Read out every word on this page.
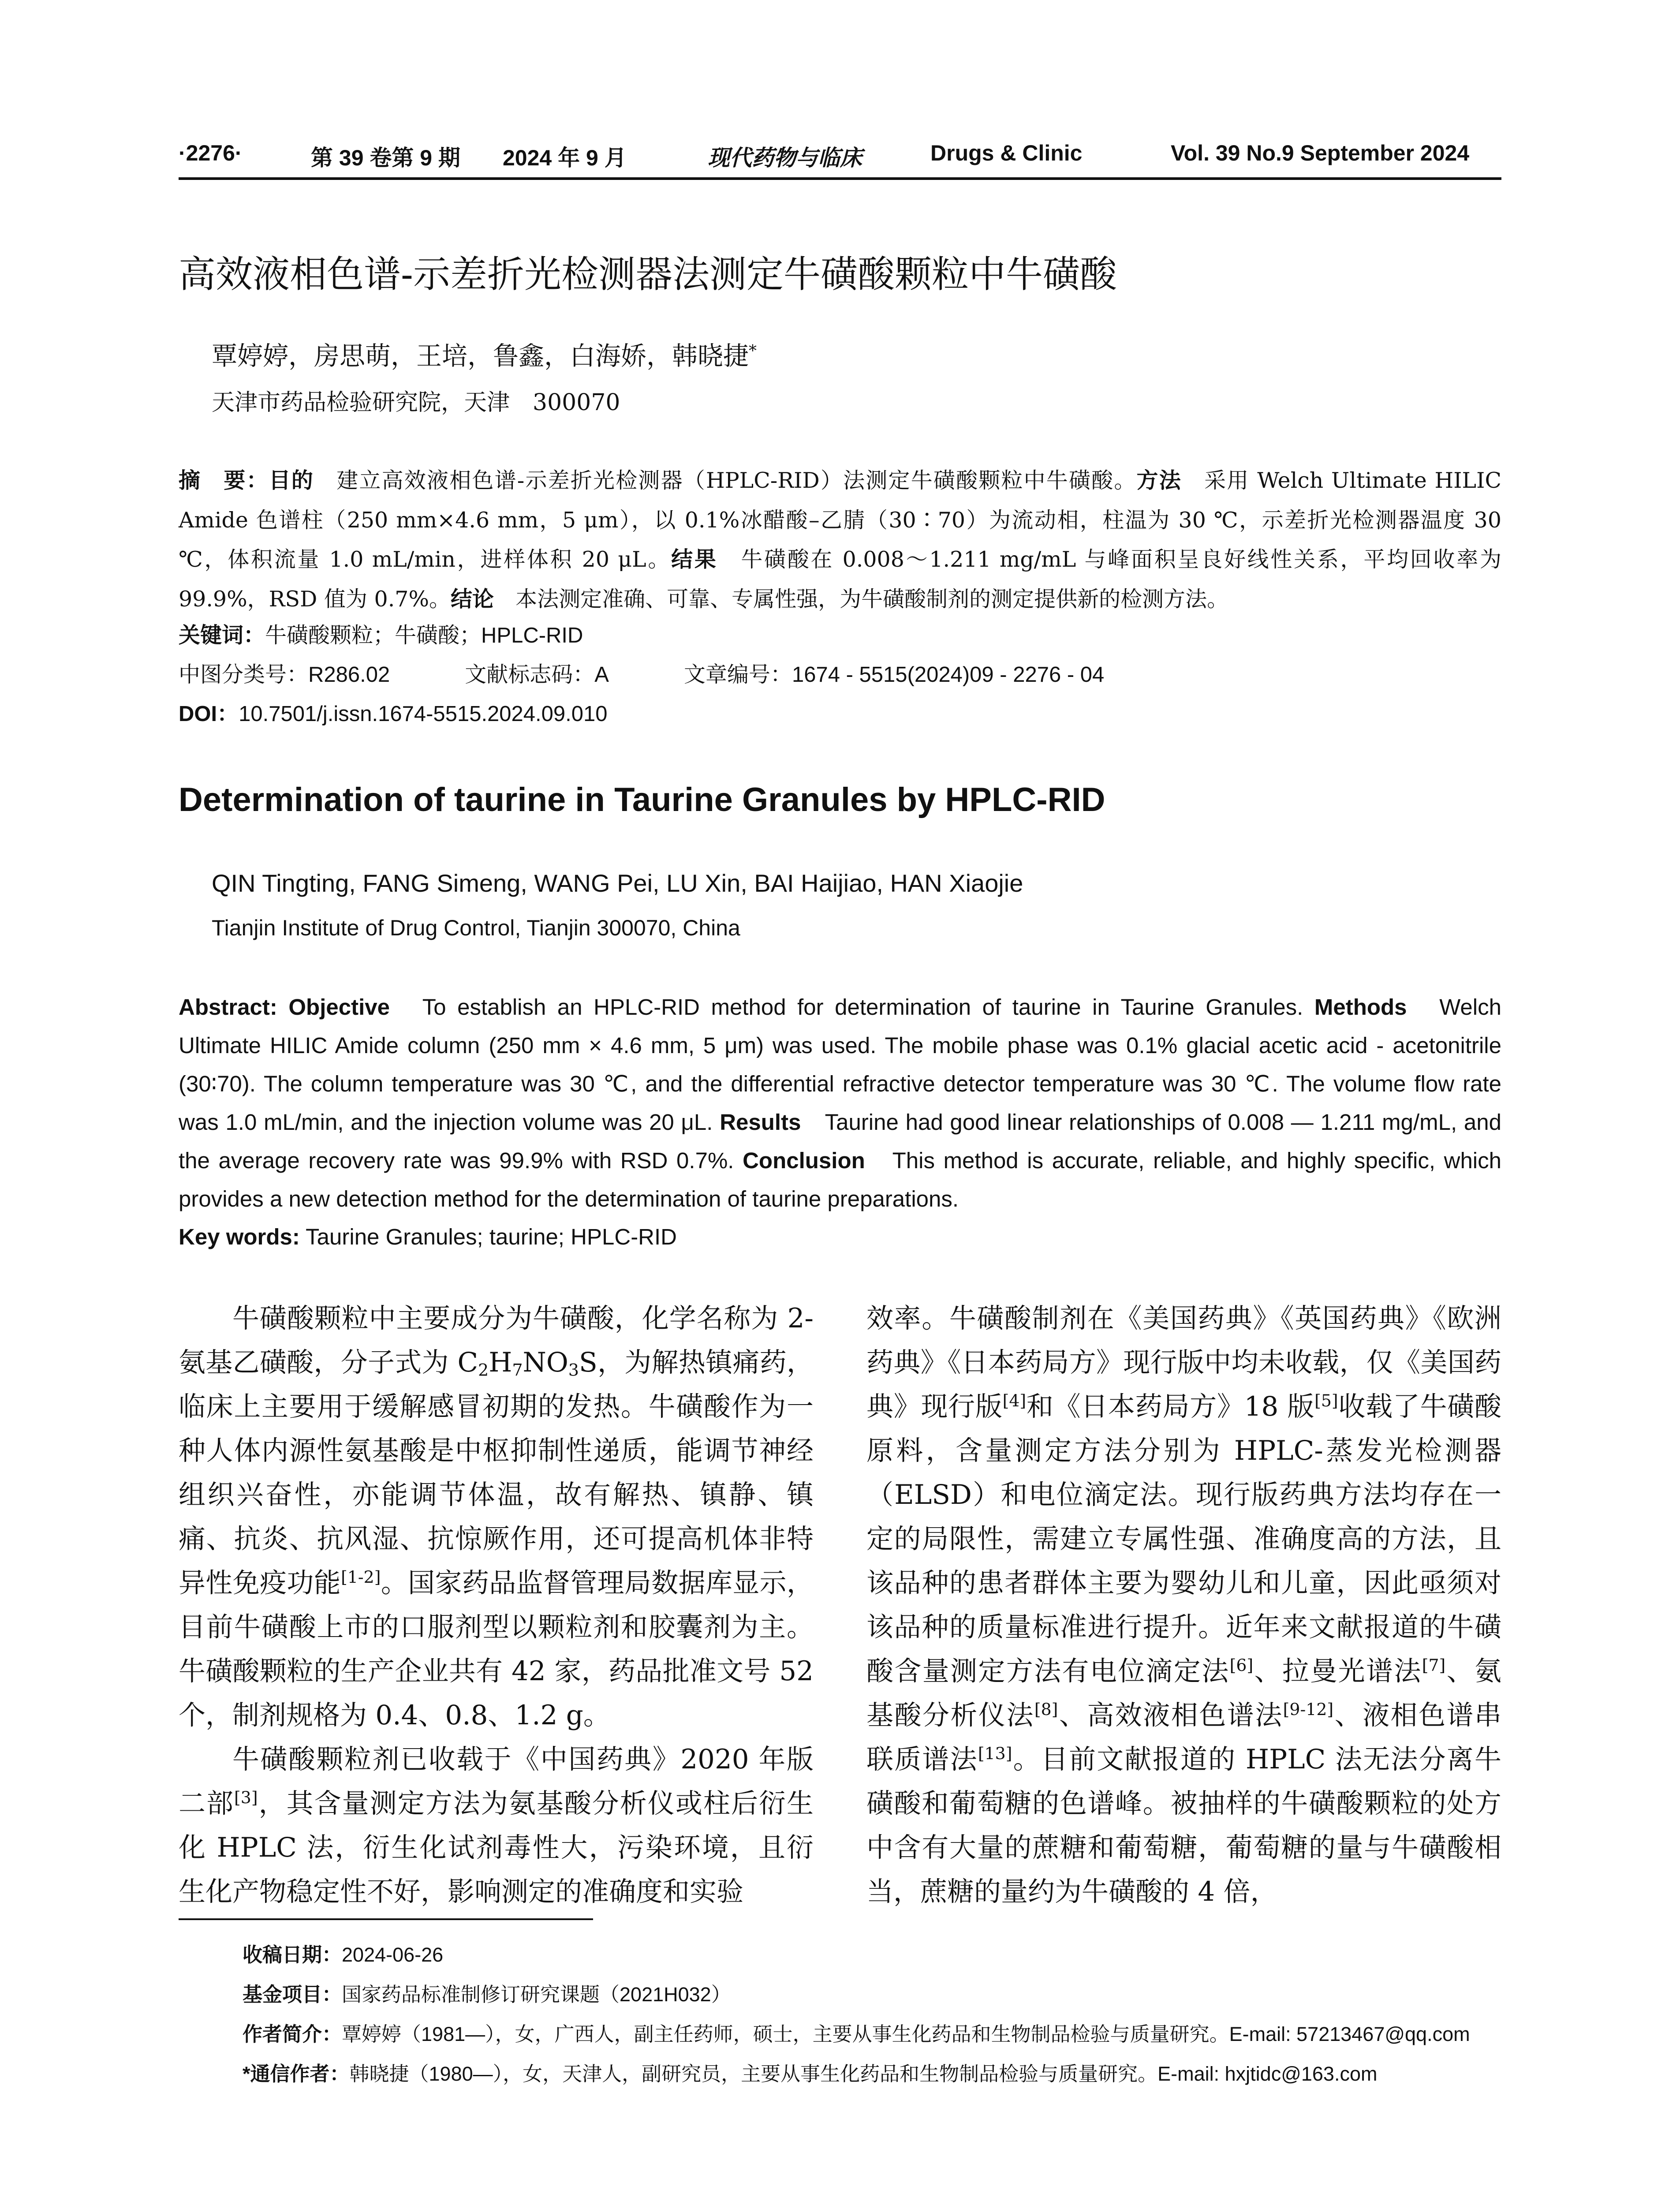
·2276·	第 39 卷第 9 期 2024 年 9 月	现代药物与临床	Drugs & Clinic	Vol. 39 No.9 September 2024
高效液相色谱-示差折光检测器法测定牛磺酸颗粒中牛磺酸
覃婷婷，房思萌，王培，鲁鑫，白海娇，韩晓捷*
天津市药品检验研究院，天津　300070
摘　要：目的　 建立高效液相色谱-示差折光检测器（HPLC-RID）法测定牛磺酸颗粒中牛磺酸。方法　 采用 Welch Ultimate HILIC Amide 色谱柱（250 mm×4.6 mm，5 μm），以 0.1%冰醋酸–乙腈（30∶70）为流动相，柱温为 30 ℃，示差折光检测器温度 30 ℃，体积流量 1.0 mL/min，进样体积 20 μL。结果　 牛磺酸在 0.008～1.211 mg/mL 与峰面积呈良好线性关系，平均回收率为 99.9%，RSD 值为 0.7%。结论　 本法测定准确、可靠、专属性强，为牛磺酸制剂的测定提供新的检测方法。
关键词：牛磺酸颗粒；牛磺酸；HPLC-RID
中图分类号：R286.02	文献标志码：A	文章编号：1674 - 5515(2024)09 - 2276 - 04
DOI：10.7501/j.issn.1674-5515.2024.09.010
Determination of taurine in Taurine Granules by HPLC-RID
QIN Tingting, FANG Simeng, WANG Pei, LU Xin, BAI Haijiao, HAN Xiaojie
Tianjin Institute of Drug Control, Tianjin 300070, China
Abstract: Objective　 To establish an HPLC-RID method for determination of taurine in Taurine Granules. Methods　 Welch Ultimate HILIC Amide column (250 mm × 4.6 mm, 5 μm) was used. The mobile phase was 0.1% glacial acetic acid - acetonitrile (30∶70). The column temperature was 30 ℃, and the differential refractive detector temperature was 30 ℃. The volume flow rate was 1.0 mL/min, and the injection volume was 20 μL. Results　 Taurine had good linear relationships of 0.008 — 1.211 mg/mL, and the average recovery rate was 99.9% with RSD 0.7%. Conclusion　 This method is accurate, reliable, and highly specific, which provides a new detection method for the determination of taurine preparations.
Key words: Taurine Granules; taurine; HPLC-RID

牛磺酸颗粒中主要成分为牛磺酸，化学名称为 2-氨基乙磺酸，分子式为 $C_2H_7NO_3S$，为解热镇痛药，临床上主要用于缓解感冒初期的发热。牛磺酸作为一种人体内源性氨基酸是中枢抑制性递质，能调节神经组织兴奋性，亦能调节体温，故有解热、镇静、镇痛、抗炎、抗风湿、抗惊厥作用，还可提高机体非特异性免疫功能[1-2]。国家药品监督管理局数据库显示，目前牛磺酸上市的口服剂型以颗粒剂和胶囊剂为主。牛磺酸颗粒的生产企业共有 42 家，药品批准文号 52 个，制剂规格为 0.4、0.8、1.2 g。

牛磺酸颗粒剂已收载于《中国药典》2020 年版二部[3]，其含量测定方法为氨基酸分析仪或柱后衍生化 HPLC 法，衍生化试剂毒性大，污染环境，且衍生化产物稳定性不好，影响测定的准确度和实验

效率。牛磺酸制剂在《美国药典》《英国药典》《欧洲药典》《日本药局方》现行版中均未收载，仅《美国药典》现行版[4]和《日本药局方》18 版[5]收载了牛磺酸原料，含量测定方法分别为 HPLC-蒸发光检测器（ELSD）和电位滴定法。现行版药典方法均存在一定的局限性，需建立专属性强、准确度高的方法，且该品种的患者群体主要为婴幼儿和儿童，因此亟须对该品种的质量标准进行提升。近年来文献报道的牛磺酸含量测定方法有电位滴定法[6]、拉曼光谱法[7]、氨基酸分析仪法[8]、高效液相色谱法[9-12]、液相色谱串联质谱法[13]。目前文献报道的 HPLC 法无法分离牛磺酸和葡萄糖的色谱峰。被抽样的牛磺酸颗粒的处方中含有大量的蔗糖和葡萄糖，葡萄糖的量与牛磺酸相当，蔗糖的量约为牛磺酸的 4 倍，

收稿日期：2024-06-26
基金项目：国家药品标准制修订研究课题（2021H032）
作者简介：覃婷婷（1981—），女，广西人，副主任药师，硕士，主要从事生化药品和生物制品检验与质量研究。E-mail: 57213467@qq.com
*通信作者：韩晓捷（1980—），女，天津人，副研究员，主要从事生化药品和生物制品检验与质量研究。E-mail: hxjtidc@163.com
